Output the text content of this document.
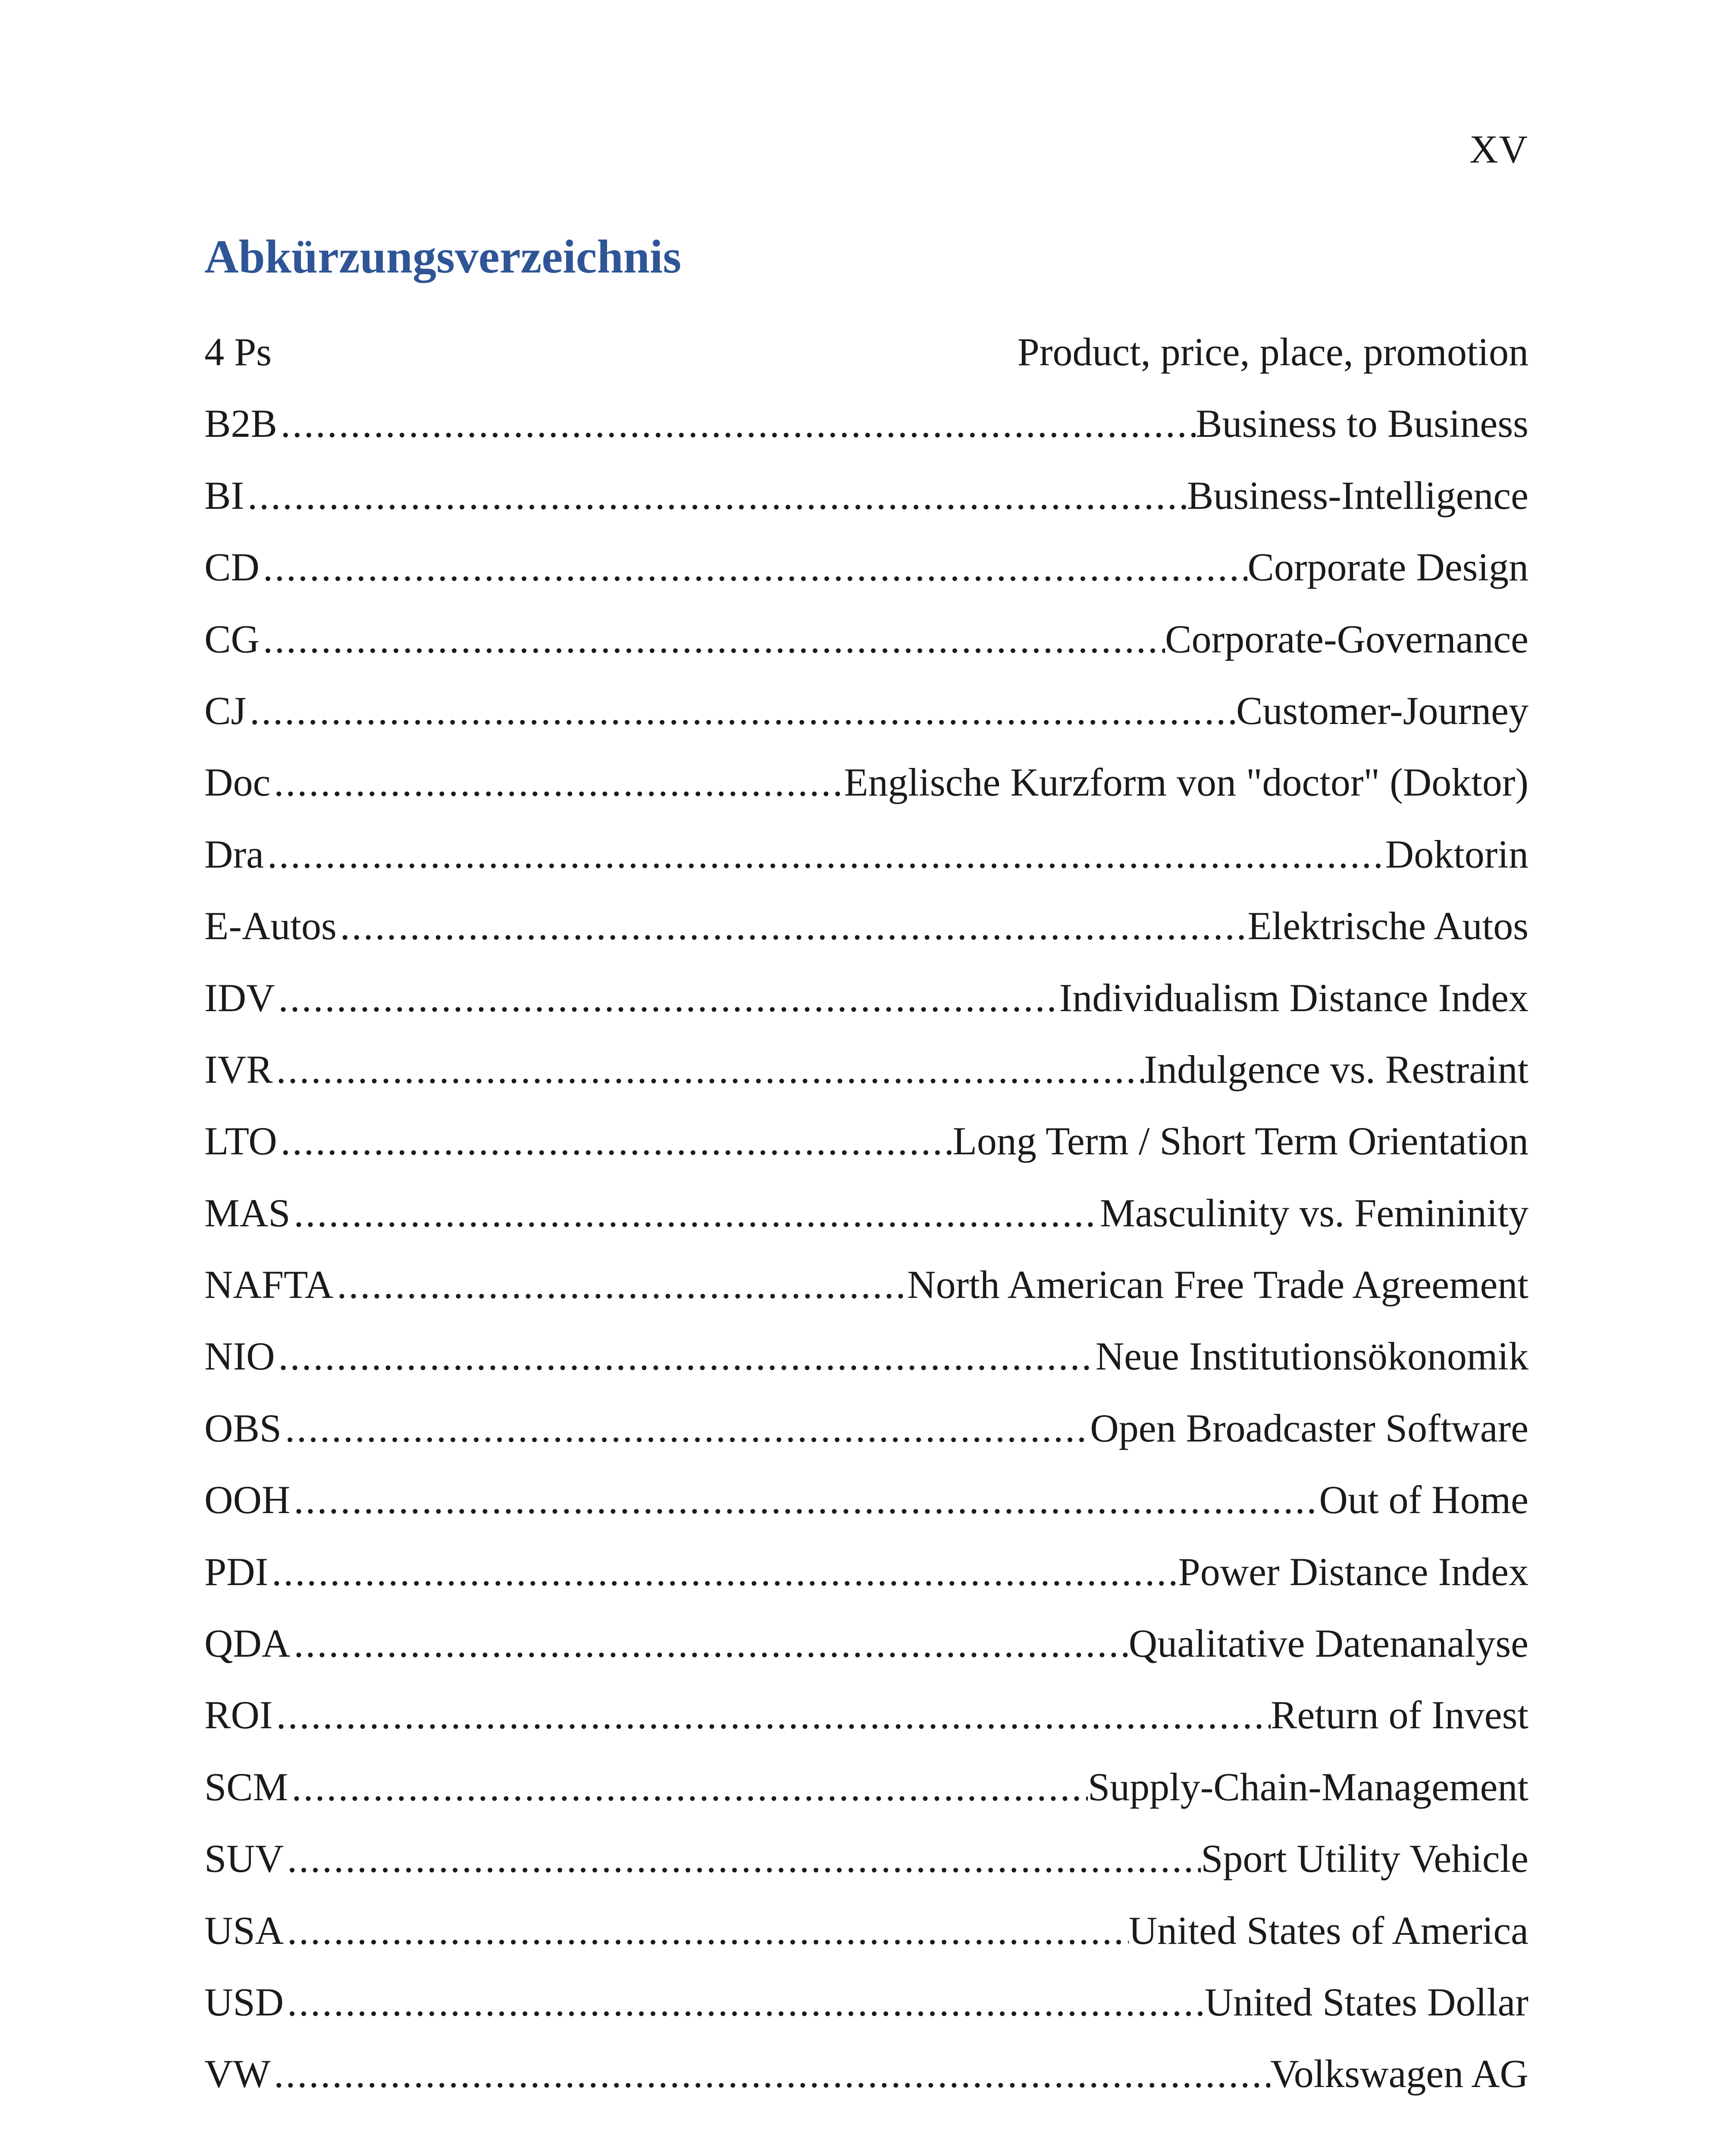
XV
Abkürzungsverzeichnis
4 Ps	Product, price, place, promotion
B2B . . .	Business to Business
BI . . .	Business-Intelligence
CD . . .	Corporate Design
CG . . .	Corporate-Governance
CJ . . .	Customer-Journey
Doc . . .	Englische Kurzform von "doctor" (Doktor)
Dra . . .	Doktorin
E-Autos . . .	Elektrische Autos
IDV . . .	Individualism Distance Index
IVR . . .	Indulgence vs. Restraint
LTO . . .	Long Term / Short Term Orientation
MAS . . .	Masculinity vs. Femininity
NAFTA . . .	North American Free Trade Agreement
NIO . . .	Neue Institutionsökonomik
OBS . . .	Open Broadcaster Software
OOH . . .	Out of Home
PDI . . .	Power Distance Index
QDA . . .	Qualitative Datenanalyse
ROI . . .	Return of Invest
SCM . . .	Supply-Chain-Management
SUV . . .	Sport Utility Vehicle
USA . . .	United States of America
USD . . .	United States Dollar
VW . . .	Volkswagen AG
